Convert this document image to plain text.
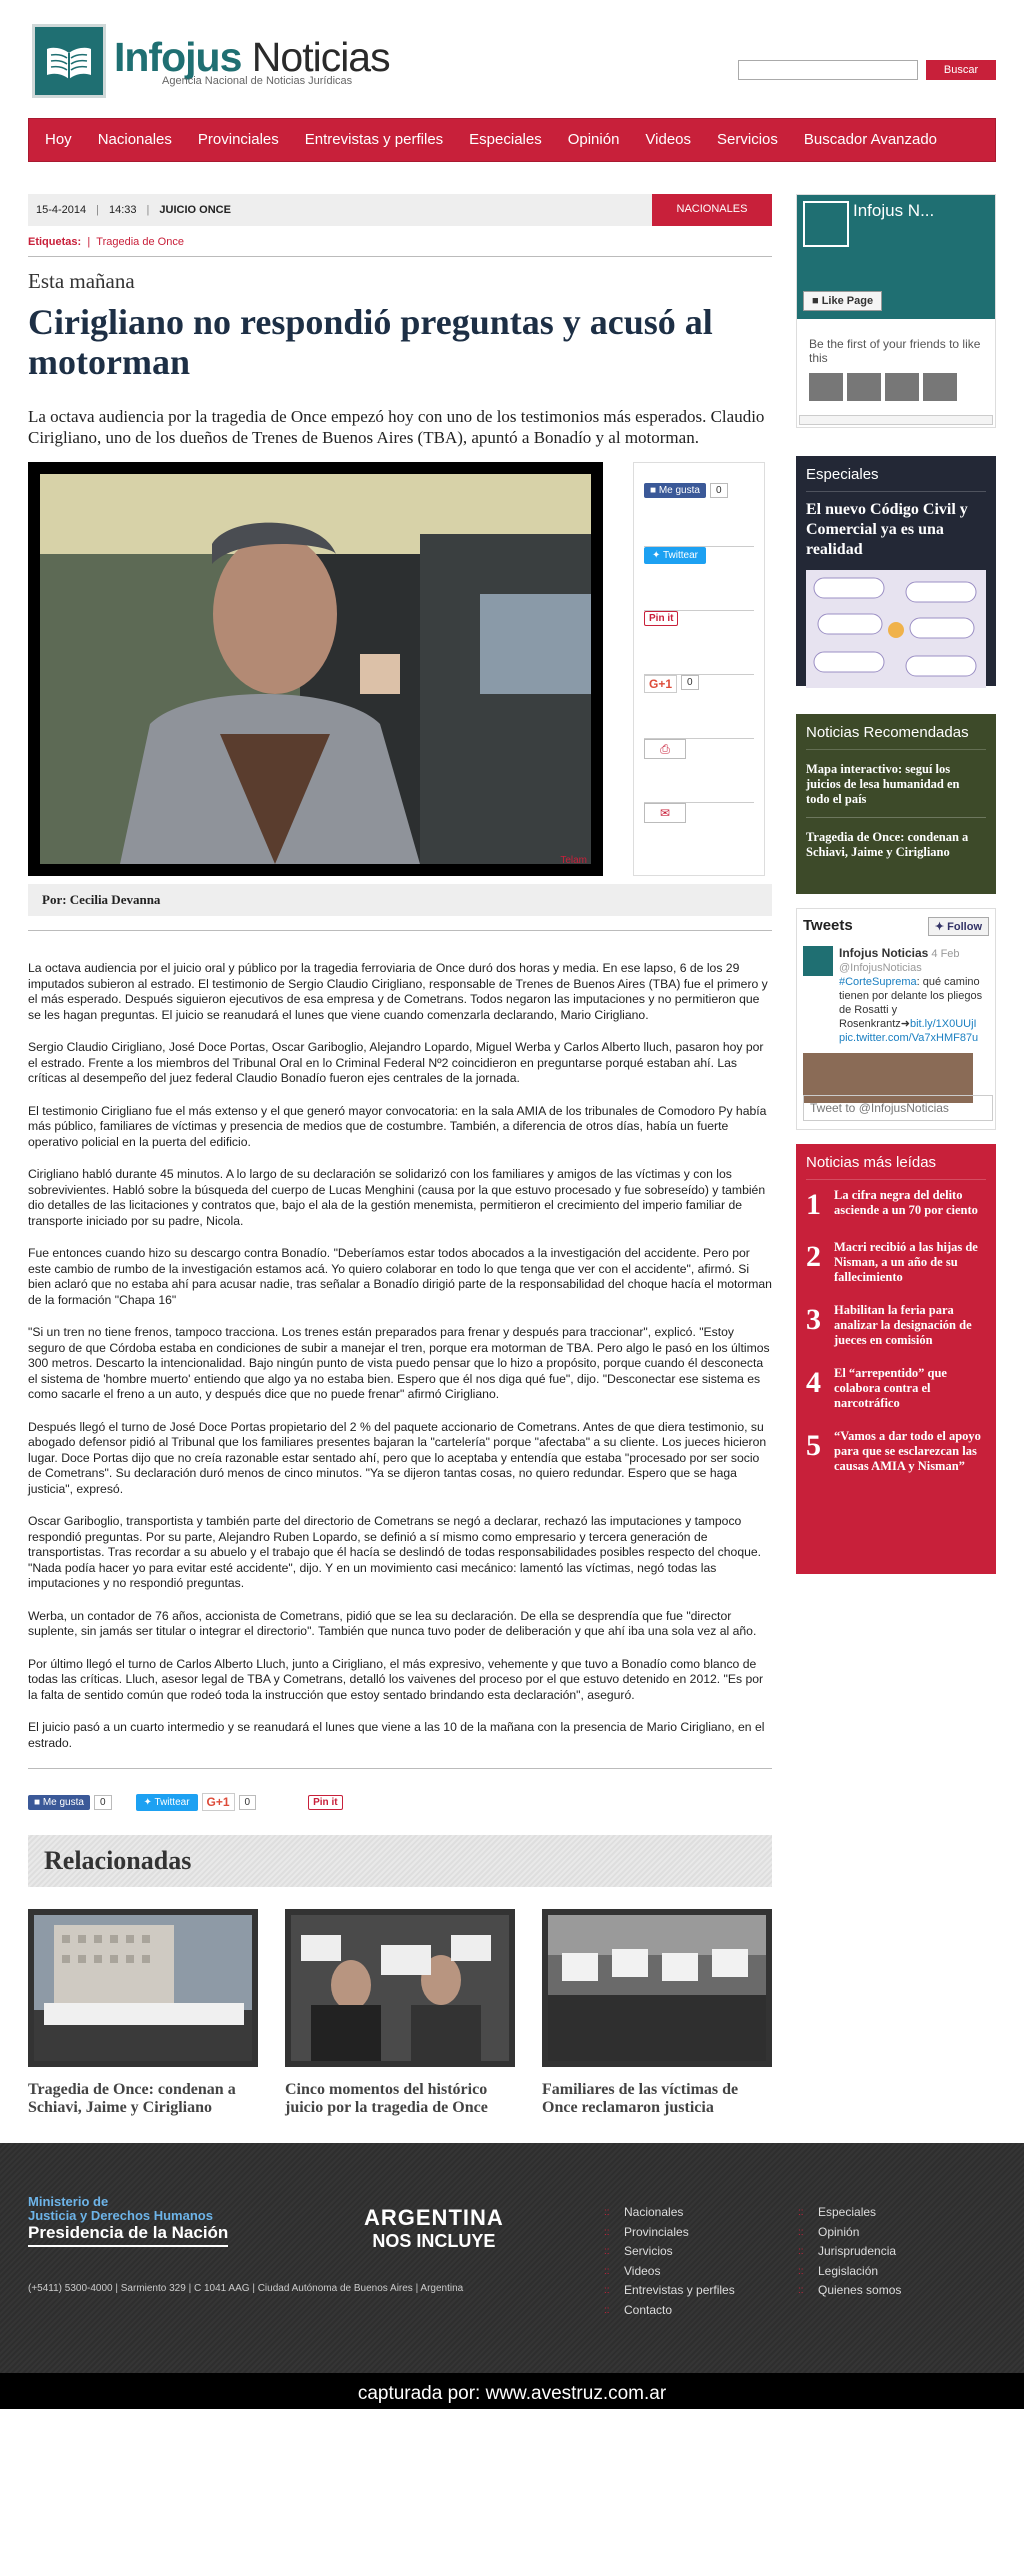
Infojus Noticias
Agencia Nacional de Noticias Jurídicas
Buscar
Hoy	Nacionales	Provinciales	Entrevistas y perfiles	Especiales	Opinión	Videos	Servicios	Buscador Avanzado
15-4-2014 | 14:33 | JUICIO ONCE	NACIONALES
Etiquetas: | Tragedia de Once
Esta mañana
Cirigliano no respondió preguntas y acusó al motorman

La octava audiencia por la tragedia de Once empezó hoy con uno de los testimonios más esperados. Claudio Cirigliano, uno de los dueños de Trenes de Buenos Aires (TBA), apuntó a Bonadío y al motorman.

Telam
■ Me gusta	0
✦ Twittear
Pin it
G+1	0
⎙
✉
Por: Cecilia Devanna

La octava audiencia por el juicio oral y público por la tragedia ferroviaria de Once duró dos horas y media. En ese lapso, 6 de los 29 imputados subieron al estrado. El testimonio de Sergio Claudio Cirigliano, responsable de Trenes de Buenos Aires (TBA) fue el primero y el más esperado. Después siguieron ejecutivos de esa empresa y de Cometrans. Todos negaron las imputaciones y no permitieron que se les hagan preguntas. El juicio se reanudará el lunes que viene cuando comenzarla declarando, Mario Cirigliano.

Sergio Claudio Cirigliano, José Doce Portas, Oscar Gariboglio, Alejandro Lopardo, Miguel Werba y Carlos Alberto lluch, pasaron hoy por el estrado. Frente a los miembros del Tribunal Oral en lo Criminal Federal Nº2 coincidieron en preguntarse porqué estaban ahí. Las críticas al desempeño del juez federal Claudio Bonadío fueron ejes centrales de la jornada.

El testimonio Cirigliano fue el más extenso y el que generó mayor convocatoria: en la sala AMIA de los tribunales de Comodoro Py había más público, familiares de víctimas y presencia de medios que de costumbre. También, a diferencia de otros días, había un fuerte operativo policial en la puerta del edificio.

Cirigliano habló durante 45 minutos. A lo largo de su declaración se solidarizó con los familiares y amigos de las víctimas y con los sobrevivientes. Habló sobre la búsqueda del cuerpo de Lucas Menghini (causa por la que estuvo procesado y fue sobreseído) y también dio detalles de las licitaciones y contratos que, bajo el ala de la gestión menemista, permitieron el crecimiento del imperio familiar de transporte iniciado por su padre, Nicola.

Fue entonces cuando hizo su descargo contra Bonadío. "Deberíamos estar todos abocados a la investigación del accidente. Pero por este cambio de rumbo de la investigación estamos acá. Yo quiero colaborar en todo lo que tenga que ver con el accidente", afirmó. Si bien aclaró que no estaba ahí para acusar nadie, tras señalar a Bonadío dirigió parte de la responsabilidad del choque hacía el motorman de la formación "Chapa 16"

"Si un tren no tiene frenos, tampoco tracciona. Los trenes están preparados para frenar y después para traccionar", explicó. "Estoy seguro de que Córdoba estaba en condiciones de subir a manejar el tren, porque era motorman de TBA. Pero algo le pasó en los últimos 300 metros. Descarto la intencionalidad. Bajo ningún punto de vista puedo pensar que lo hizo a propósito, porque cuando él desconecta el sistema de 'hombre muerto' entiendo que algo ya no estaba bien. Espero que él nos diga qué fue", dijo. "Desconectar ese sistema es como sacarle el freno a un auto, y después dice que no puede frenar" afirmó Cirigliano.

Después llegó el turno de José Doce Portas propietario del 2 % del paquete accionario de Cometrans. Antes de que diera testimonio, su abogado defensor pidió al Tribunal que los familiares presentes bajaran la "cartelería" porque "afectaba" a su cliente. Los jueces hicieron lugar. Doce Portas dijo que no creía razonable estar sentado ahí, pero que lo aceptaba y entendía que estaba "procesado por ser socio de Cometrans". Su declaración duró menos de cinco minutos. "Ya se dijeron tantas cosas, no quiero redundar. Espero que se haga justicia", expresó.

Oscar Gariboglio, transportista y también parte del directorio de Cometrans se negó a declarar, rechazó las imputaciones y tampoco respondió preguntas. Por su parte, Alejandro Ruben Lopardo, se definió a sí mismo como empresario y tercera generación de transportistas. Tras recordar a su abuelo y el trabajo que él hacía se deslindó de todas responsabilidades posibles respecto del choque. "Nada podía hacer yo para evitar esté accidente", dijo. Y en un movimiento casi mecánico: lamentó las víctimas, negó todas las imputaciones y no respondió preguntas.

Werba, un contador de 76 años, accionista de Cometrans, pidió que se lea su declaración. De ella se desprendía que fue "director suplente, sin jamás ser titular o integrar el directorio". También que nunca tuvo poder de deliberación y que ahí iba una sola vez al año.

Por último llegó el turno de Carlos Alberto Lluch, junto a Cirigliano, el más expresivo, vehemente y que tuvo a Bonadío como blanco de todas las críticas. Lluch, asesor legal de TBA y Cometrans, detalló los vaivenes del proceso por el que estuvo detenido en 2012. "Es por la falta de sentido común que rodeó toda la instrucción que estoy sentado brindando esta declaración", aseguró.

El juicio pasó a un cuarto intermedio y se reanudará el lunes que viene a las 10 de la mañana con la presencia de Mario Cirigliano, en el estrado.

■ Me gusta	0	✦ Twittear	G+1	0	Pin it
Relacionadas
Tragedia de Once: condenan a Schiavi, Jaime y Cirigliano
Cinco momentos del histórico juicio por la tragedia de Once
Familiares de las víctimas de Once reclamaron justicia
Infojus N...
■ Like Page
Be the first of your friends to like this
Especiales
El nuevo Código Civil y Comercial ya es una realidad
Noticias Recomendadas
Mapa interactivo: seguí los juicios de lesa humanidad en todo el país
Tragedia de Once: condenan a Schiavi, Jaime y Cirigliano
Tweets	✦ Follow
Infojus Noticias 4 Feb
@InfojusNoticias
#CorteSuprema: qué camino tienen por delante los pliegos de Rosatti y Rosenkrantz➜bit.ly/1X0UUjI
pic.twitter.com/Va7xHMF87u
Tweet to @InfojusNoticias
Noticias más leídas
1	La cifra negra del delito asciende a un 70 por ciento
2	Macri recibió a las hijas de Nisman, a un año de su fallecimiento
3	Habilitan la feria para analizar la designación de jueces en comisión
4	El “arrepentido” que colabora contra el narcotráfico
5	“Vamos a dar todo el apoyo para que se esclarezcan las causas AMIA y Nisman”
Ministerio de
Justicia y Derechos Humanos
Presidencia de la Nación
ARGENTINA
NOS INCLUYE
(+5411) 5300-4000 | Sarmiento 329 | C 1041 AAG | Ciudad Autónoma de Buenos Aires | Argentina
:: Nacionales
:: Provinciales
:: Servicios
:: Videos
:: Entrevistas y perfiles
:: Contacto
:: Especiales
:: Opinión
:: Jurisprudencia
:: Legislación
:: Quienes somos
capturada por: www.avestruz.com.ar
